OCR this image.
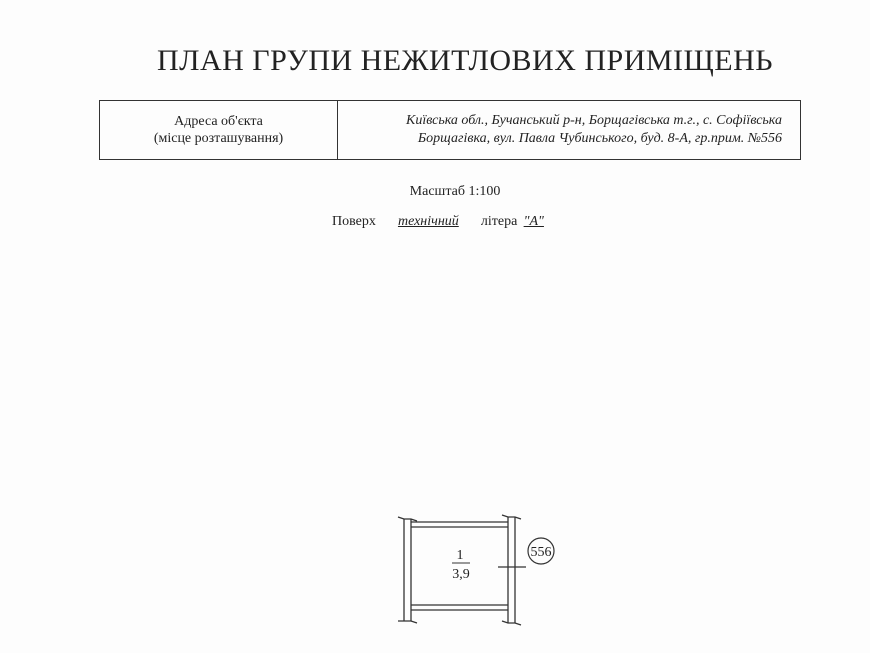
ПЛАН ГРУПИ НЕЖИТЛОВИХ ПРИМІЩЕНЬ
Адреса об'єкта
(місце розташування)
Київська обл., Бучанський р-н, Борщагівська т.г., с. Софіївська
Борщагівка, вул. Павла Чубинського, буд. 8-А, гр.прим. №556
Масштаб 1:100
Поверх технічний літера "А"
556
1
3,9
